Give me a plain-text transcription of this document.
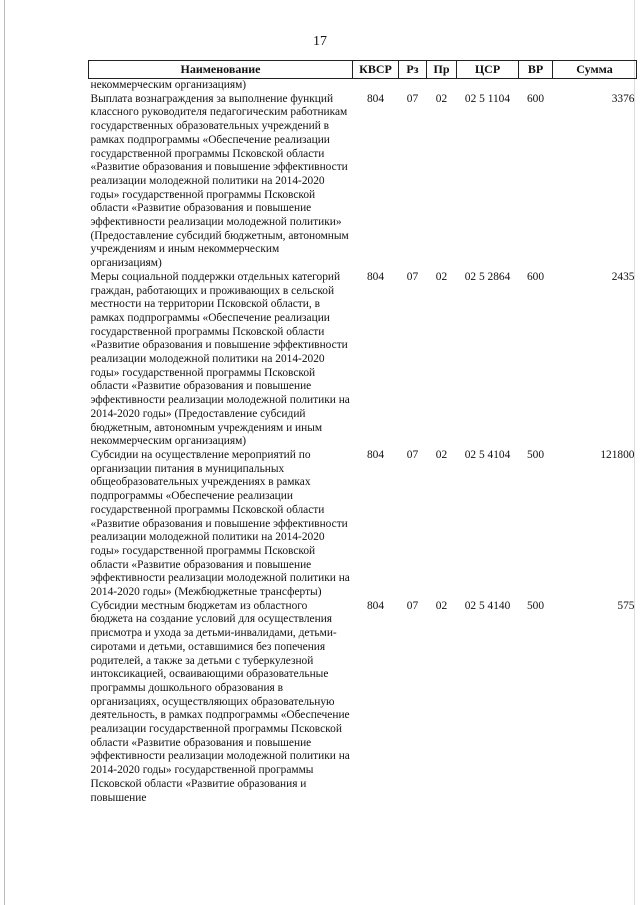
17
Наименование	КВСР	Рз	Пр	ЦСР	ВР	Сумма
некоммерческим организациям)						
Выплата вознаграждения за выполнение функций классного руководителя педагогическим работникам государственных образовательных учреждений в рамках подпрограммы «Обеспечение реализации государственной программы Псковской области «Развитие образования и повышение эффективности реализации молодежной политики на 2014-2020 годы» государственной программы Псковской области «Развитие образования и повышение эффективности реализации молодежной политики» (Предоставление субсидий бюджетным, автономным учреждениям и иным некоммерческим организациям)	804	07	02	02 5 1104	600	3376
Меры социальной поддержки отдельных категорий граждан, работающих и проживающих в сельской местности на территории Псковской области, в рамках подпрограммы «Обеспечение реализации государственной программы Псковской области «Развитие образования и повышение эффективности реализации молодежной политики на 2014-2020 годы» государственной программы Псковской области «Развитие образования и повышение эффективности реализации молодежной политики на 2014-2020 годы» (Предоставление субсидий бюджетным, автономным учреждениям и иным некоммерческим организациям)	804	07	02	02 5 2864	600	2435
Субсидии на осуществление мероприятий по организации питания в муниципальных общеобразовательных учреждениях в рамках подпрограммы «Обеспечение реализации государственной программы Псковской области «Развитие образования и повышение эффективности реализации молодежной политики на 2014-2020 годы» государственной программы Псковской области «Развитие образования и повышение эффективности реализации молодежной политики на 2014-2020 годы» (Межбюджетные трансферты)	804	07	02	02 5 4104	500	121800
Субсидии местным бюджетам из областного бюджета на создание условий для осуществления присмотра и ухода за детьми-инвалидами, детьми-сиротами и детьми, оставшимися без попечения родителей, а также за детьми с туберкулезной интоксикацией, осваивающими образовательные программы дошкольного образования в организациях, осуществляющих образовательную деятельность, в рамках подпрограммы «Обеспечение реализации государственной программы Псковской области «Развитие образования и повышение эффективности реализации молодежной политики на 2014-2020 годы» государственной программы Псковской области «Развитие образования и повышение	804	07	02	02 5 4140	500	575
